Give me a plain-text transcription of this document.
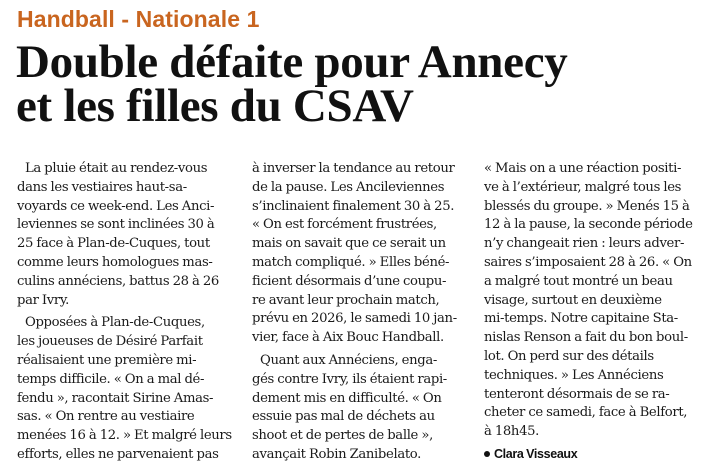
Handball - Nationale 1
Double défaite pour Annecy
et les filles du CSAV

La pluie était au rendez-vous
dans les vestiaires haut-sa-
voyards ce week-end. Les Anci-
leviennes se sont inclinées 30 à
25 face à Plan-de-Cuques, tout
comme leurs homologues mas-
culins annéciens, battus 28 à 26
par Ivry.

Opposées à Plan-de-Cuques,
les joueuses de Désiré Parfait
réalisaient une première mi-
temps difficile. « On a mal dé-
fendu », racontait Sirine Amas-
sas. « On rentre au vestiaire
menées 16 à 12. » Et malgré leurs
efforts, elles ne parvenaient pas

à inverser la tendance au retour
de la pause. Les Ancileviennes
s’inclinaient finalement 30 à 25.
« On est forcément frustrées,
mais on savait que ce serait un
match compliqué. » Elles béné-
ficient désormais d’une coupu-
re avant leur prochain match,
prévu en 2026, le samedi 10 jan-
vier, face à Aix Bouc Handball.

Quant aux Annéciens, enga-
gés contre Ivry, ils étaient rapi-
dement mis en difficulté. « On
essuie pas mal de déchets au
shoot et de pertes de balle »,
avançait Robin Zanibelato.

« Mais on a une réaction positi-
ve à l’extérieur, malgré tous les
blessés du groupe. » Menés 15 à
12 à la pause, la seconde période
n’y changeait rien : leurs adver-
saires s’imposaient 28 à 26. « On
a malgré tout montré un beau
visage, surtout en deuxième
mi-temps. Notre capitaine Sta-
nislas Renson a fait du bon boul-
lot. On perd sur des détails
techniques. » Les Annéciens
tenteront désormais de se ra-
cheter ce samedi, face à Belfort,
à 18h45.

Clara Visseaux
